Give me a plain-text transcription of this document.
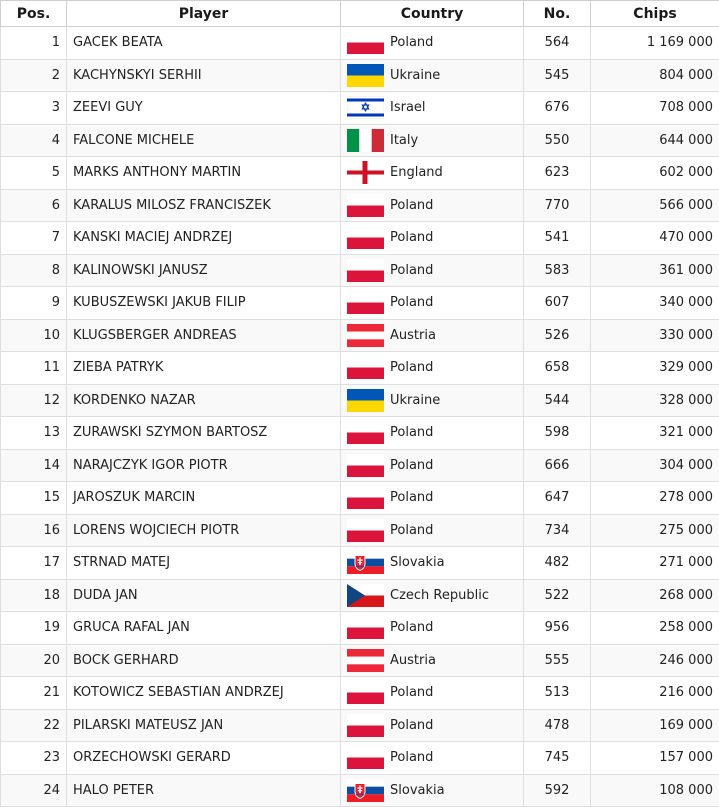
Pos.	Player	Country	No.	Chips
1	GACEK BEATA	Poland	564	1 169 000
2	KACHYNSKYI SERHII	Ukraine	545	804 000
3	ZEEVI GUY	Israel	676	708 000
4	FALCONE MICHELE	Italy	550	644 000
5	MARKS ANTHONY MARTIN	England	623	602 000
6	KARALUS MILOSZ FRANCISZEK	Poland	770	566 000
7	KANSKI MACIEJ ANDRZEJ	Poland	541	470 000
8	KALINOWSKI JANUSZ	Poland	583	361 000
9	KUBUSZEWSKI JAKUB FILIP	Poland	607	340 000
10	KLUGSBERGER ANDREAS	Austria	526	330 000
11	ZIEBA PATRYK	Poland	658	329 000
12	KORDENKO NAZAR	Ukraine	544	328 000
13	ZURAWSKI SZYMON BARTOSZ	Poland	598	321 000
14	NARAJCZYK IGOR PIOTR	Poland	666	304 000
15	JAROSZUK MARCIN	Poland	647	278 000
16	LORENS WOJCIECH PIOTR	Poland	734	275 000
17	STRNAD MATEJ	Slovakia	482	271 000
18	DUDA JAN	Czech Republic	522	268 000
19	GRUCA RAFAL JAN	Poland	956	258 000
20	BOCK GERHARD	Austria	555	246 000
21	KOTOWICZ SEBASTIAN ANDRZEJ	Poland	513	216 000
22	PILARSKI MATEUSZ JAN	Poland	478	169 000
23	ORZECHOWSKI GERARD	Poland	745	157 000
24	HALO PETER	Slovakia	592	108 000
